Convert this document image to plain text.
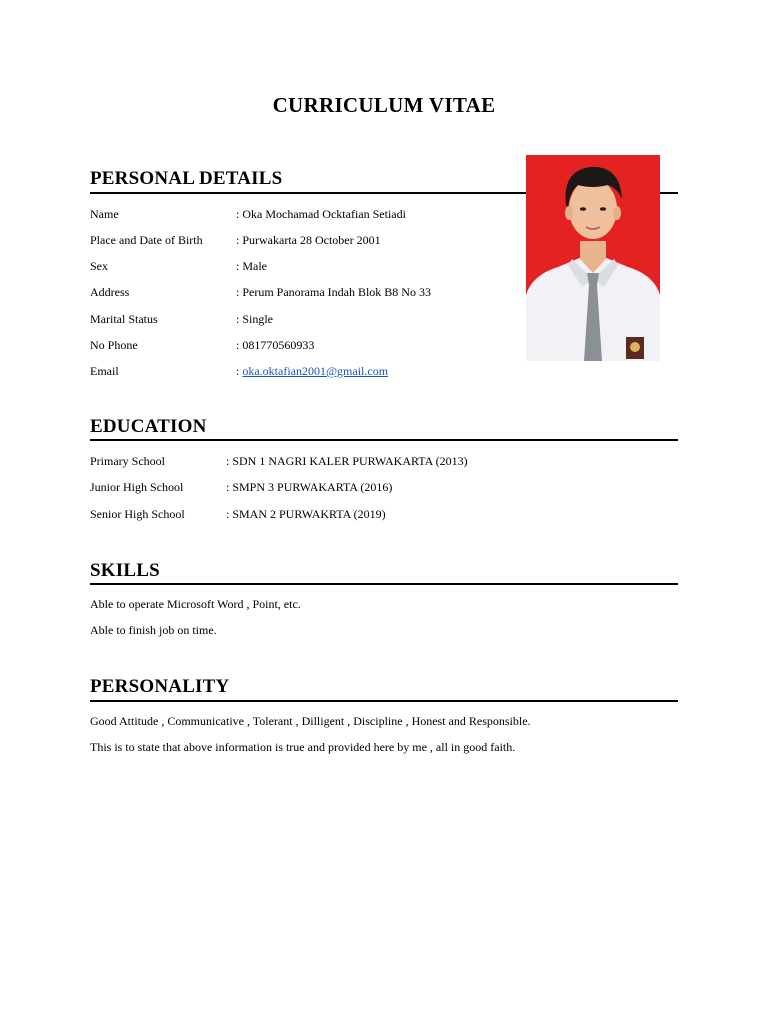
CURRICULUM VITAE
PERSONAL DETAILS
Name	: Oka Mochamad Ocktafian Setiadi
Place and Date of Birth	: Purwakarta 28 October 2001
Sex	: Male
Address	: Perum Panorama Indah Blok B8 No 33
Marital Status	: Single
No Phone	: 081770560933
Email	: oka.oktafian2001@gmail.com
EDUCATION
Primary School	: SDN 1 NAGRI KALER PURWAKARTA (2013)
Junior High School	: SMPN 3 PURWAKARTA (2016)
Senior High School	: SMAN 2 PURWAKRTA (2019)
SKILLS
Able to operate Microsoft Word , Point, etc.
Able to finish job on time.
PERSONALITY
Good Attitude , Communicative , Tolerant , Dilligent , Discipline , Honest and Responsible.
This is to state that above information is true and provided here by me , all in good faith.
